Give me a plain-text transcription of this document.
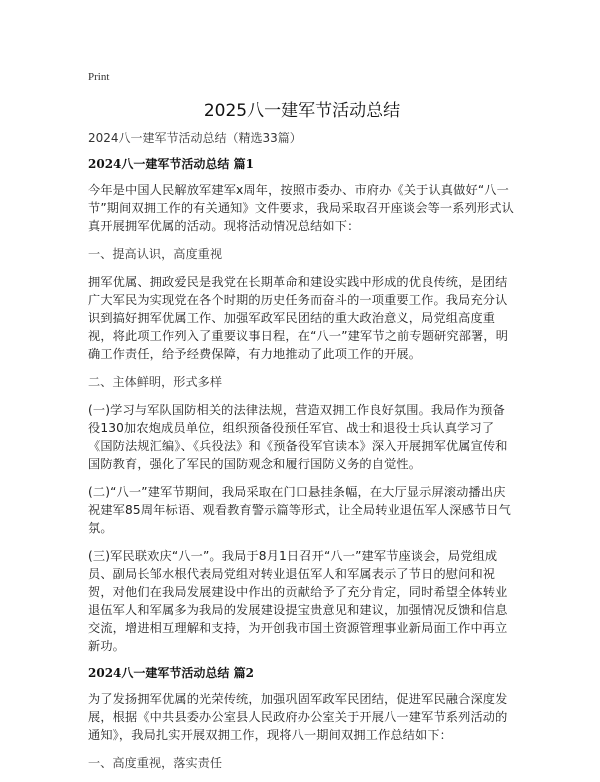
Print
2025八一建军节活动总结
2024八一建军节活动总结（精选33篇）
2024八一建军节活动总结 篇1

今年是中国人民解放军建军x周年，按照市委办、市府办《关于认真做好“八一节”期间双拥工作的有关通知》文件要求，我局采取召开座谈会等一系列形式认真开展拥军优属的活动。现将活动情况总结如下：

一、提高认识，高度重视

拥军优属、拥政爱民是我党在长期革命和建设实践中形成的优良传统，是团结广大军民为实现党在各个时期的历史任务而奋斗的一项重要工作。我局充分认识到搞好拥军优属工作、加强军政军民团结的重大政治意义，局党组高度重视，将此项工作列入了重要议事日程，在“八一”建军节之前专题研究部署，明确工作责任，给予经费保障，有力地推动了此项工作的开展。

二、主体鲜明，形式多样

(一)学习与军队国防相关的法律法规，营造双拥工作良好氛围。我局作为预备役130加农炮成员单位，组织预备役预任军官、战士和退役士兵认真学习了《国防法规汇编》、《兵役法》和《预备役军官读本》深入开展拥军优属宣传和国防教育，强化了军民的国防观念和履行国防义务的自觉性。

(二)“八一”建军节期间，我局采取在门口悬挂条幅，在大厅显示屏滚动播出庆祝建军85周年标语、观看教育警示篇等形式，让全局转业退伍军人深感节日气氛。

(三)军民联欢庆“八一”。我局于8月1日召开“八一”建军节座谈会，局党组成员、副局长邹水根代表局党组对转业退伍军人和军属表示了节日的慰问和祝贺，对他们在我局发展建设中作出的贡献给予了充分肯定，同时希望全体转业退伍军人和军属多为我局的发展建设提宝贵意见和建议，加强情况反馈和信息交流，增进相互理解和支持，为开创我市国土资源管理事业新局面工作中再立新功。

2024八一建军节活动总结 篇2

为了发扬拥军优属的光荣传统，加强巩固军政军民团结，促进军民融合深度发展，根据《中共县委办公室县人民政府办公室关于开展八一建军节系列活动的通知》，我局扎实开展双拥工作，现将八一期间双拥工作总结如下：

一、高度重视，落实责任
